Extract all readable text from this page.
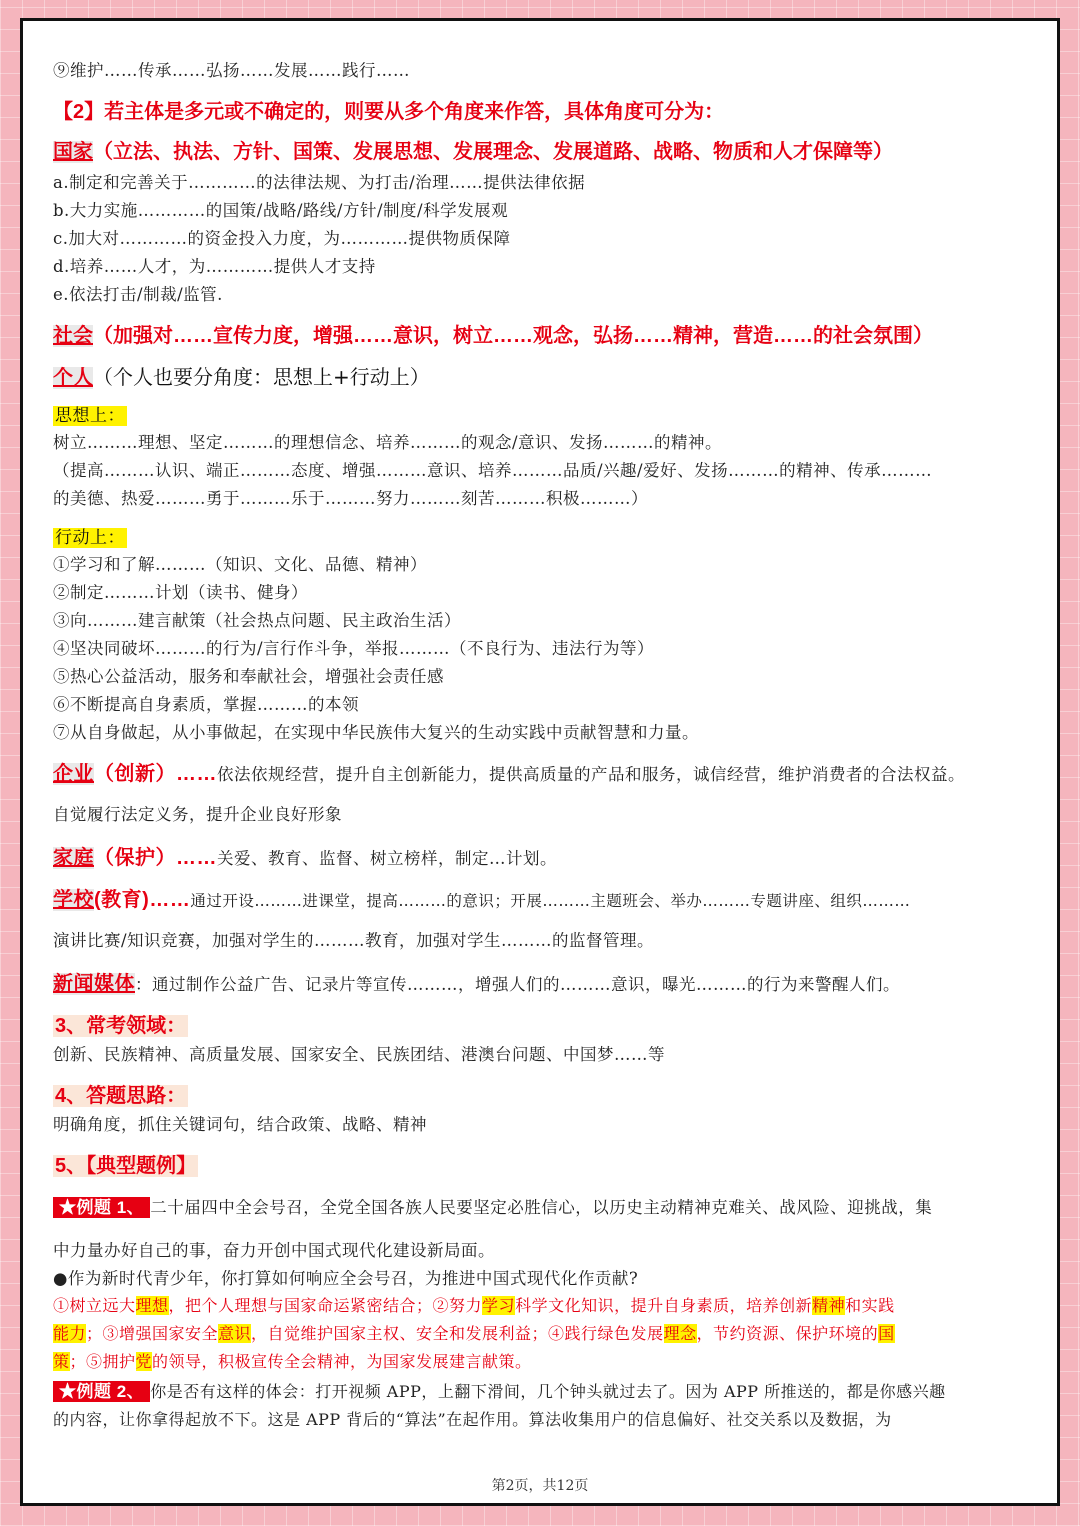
⑨维护……传承……弘扬……发展……践行……
【2】若主体是多元或不确定的，则要从多个角度来作答，具体角度可分为：
国家（立法、执法、方针、国策、发展思想、发展理念、发展道路、战略、物质和人才保障等）
a.制定和完善关于…………的法律法规、为打击/治理……提供法律依据
b.大力实施…………的国策/战略/路线/方针/制度/科学发展观
c.加大对…………的资金投入力度，为…………提供物质保障
d.培养……人才，为…………提供人才支持
e.依法打击/制裁/监管.
社会（加强对……宣传力度，增强……意识，树立……观念，弘扬……精神，营造……的社会氛围）
个人（个人也要分角度：思想上+行动上）
思想上：
树立………理想、坚定………的理想信念、培养………的观念/意识、发扬………的精神。
（提高………认识、端正………态度、增强………意识、培养………品质/兴趣/爱好、发扬………的精神、传承………
的美德、热爱………勇于………乐于………努力………刻苦………积极………）
行动上：
①学习和了解………（知识、文化、品德、精神）
②制定………计划（读书、健身）
③向………建言献策（社会热点问题、民主政治生活）
④坚决同破坏………的行为/言行作斗争，举报………（不良行为、违法行为等）
⑤热心公益活动，服务和奉献社会，增强社会责任感
⑥不断提高自身素质，掌握………的本领
⑦从自身做起，从小事做起，在实现中华民族伟大复兴的生动实践中贡献智慧和力量。
企业（创新）……依法依规经营，提升自主创新能力，提供高质量的产品和服务，诚信经营，维护消费者的合法权益。
自觉履行法定义务，提升企业良好形象
家庭（保护）……关爱、教育、监督、树立榜样，制定…计划。
学校(教育)……通过开设………进课堂，提高………的意识；开展………主题班会、举办………专题讲座、组织………
演讲比赛/知识竞赛，加强对学生的………教育，加强对学生………的监督管理。
新闻媒体：通过制作公益广告、记录片等宣传………，增强人们的………意识，曝光………的行为来警醒人们。
3、常考领域：
创新、民族精神、高质量发展、国家安全、民族团结、港澳台问题、中国梦……等
4、答题思路：
明确角度，抓住关键词句，结合政策、战略、精神
5、【典型题例】
★例题 1、 二十届四中全会号召，全党全国各族人民要坚定必胜信心，以历史主动精神克难关、战风险、迎挑战，集
中力量办好自己的事，奋力开创中国式现代化建设新局面。
●作为新时代青少年，你打算如何响应全会号召，为推进中国式现代化作贡献?
①树立远大理想，把个人理想与国家命运紧密结合；②努力学习科学文化知识，提升自身素质，培养创新精神和实践
能力；③增强国家安全意识，自觉维护国家主权、安全和发展利益；④践行绿色发展理念，节约资源、保护环境的国
策；⑤拥护党的领导，积极宣传全会精神，为国家发展建言献策。
★例题 2、 你是否有这样的体会：打开视频 APP，上翻下滑间，几个钟头就过去了。因为 APP 所推送的，都是你感兴趣
的内容，让你拿得起放不下。这是 APP 背后的“算法”在起作用。算法收集用户的信息偏好、社交关系以及数据，为
第2页，共12页
